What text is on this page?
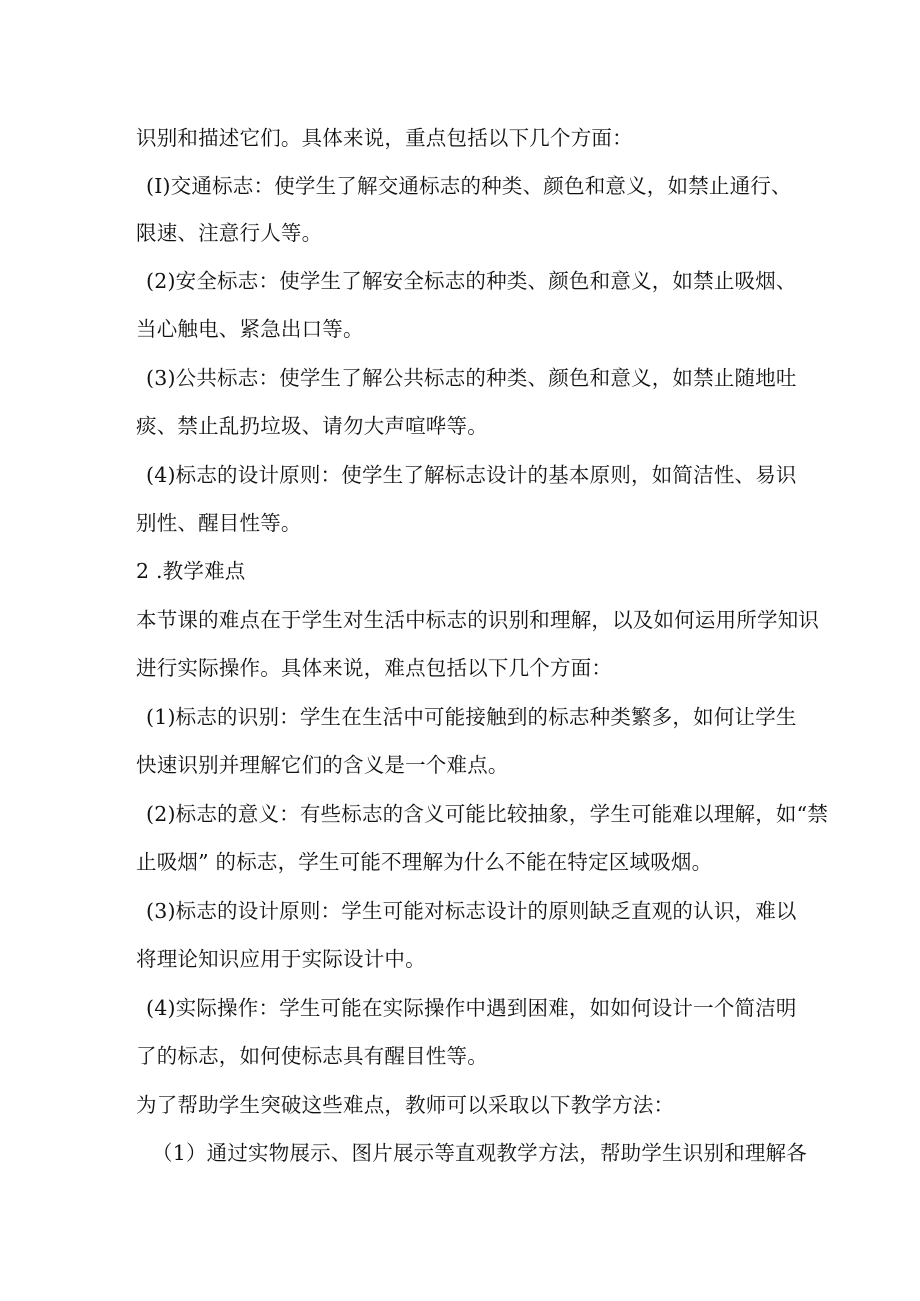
识别和描述它们。具体来说，重点包括以下几个方面：
(I)交通标志：使学生了解交通标志的种类、颜色和意义，如禁止通行、
限速、注意行人等。
(2)安全标志：使学生了解安全标志的种类、颜色和意义，如禁止吸烟、
当心触电、紧急出口等。
(3)公共标志：使学生了解公共标志的种类、颜色和意义，如禁止随地吐
痰、禁止乱扔垃圾、请勿大声喧哗等。
(4)标志的设计原则：使学生了解标志设计的基本原则，如简洁性、易识
别性、醒目性等。
2 .教学难点
本节课的难点在于学生对生活中标志的识别和理解，以及如何运用所学知识
进行实际操作。具体来说，难点包括以下几个方面：
(1)标志的识别：学生在生活中可能接触到的标志种类繁多，如何让学生
快速识别并理解它们的含义是一个难点。
(2)标志的意义：有些标志的含义可能比较抽象，学生可能难以理解，如“禁
止吸烟” 的标志，学生可能不理解为什么不能在特定区域吸烟。
(3)标志的设计原则：学生可能对标志设计的原则缺乏直观的认识，难以
将理论知识应用于实际设计中。
(4)实际操作：学生可能在实际操作中遇到困难，如如何设计一个简洁明
了的标志，如何使标志具有醒目性等。
为了帮助学生突破这些难点，教师可以采取以下教学方法：
（1）通过实物展示、图片展示等直观教学方法，帮助学生识别和理解各
